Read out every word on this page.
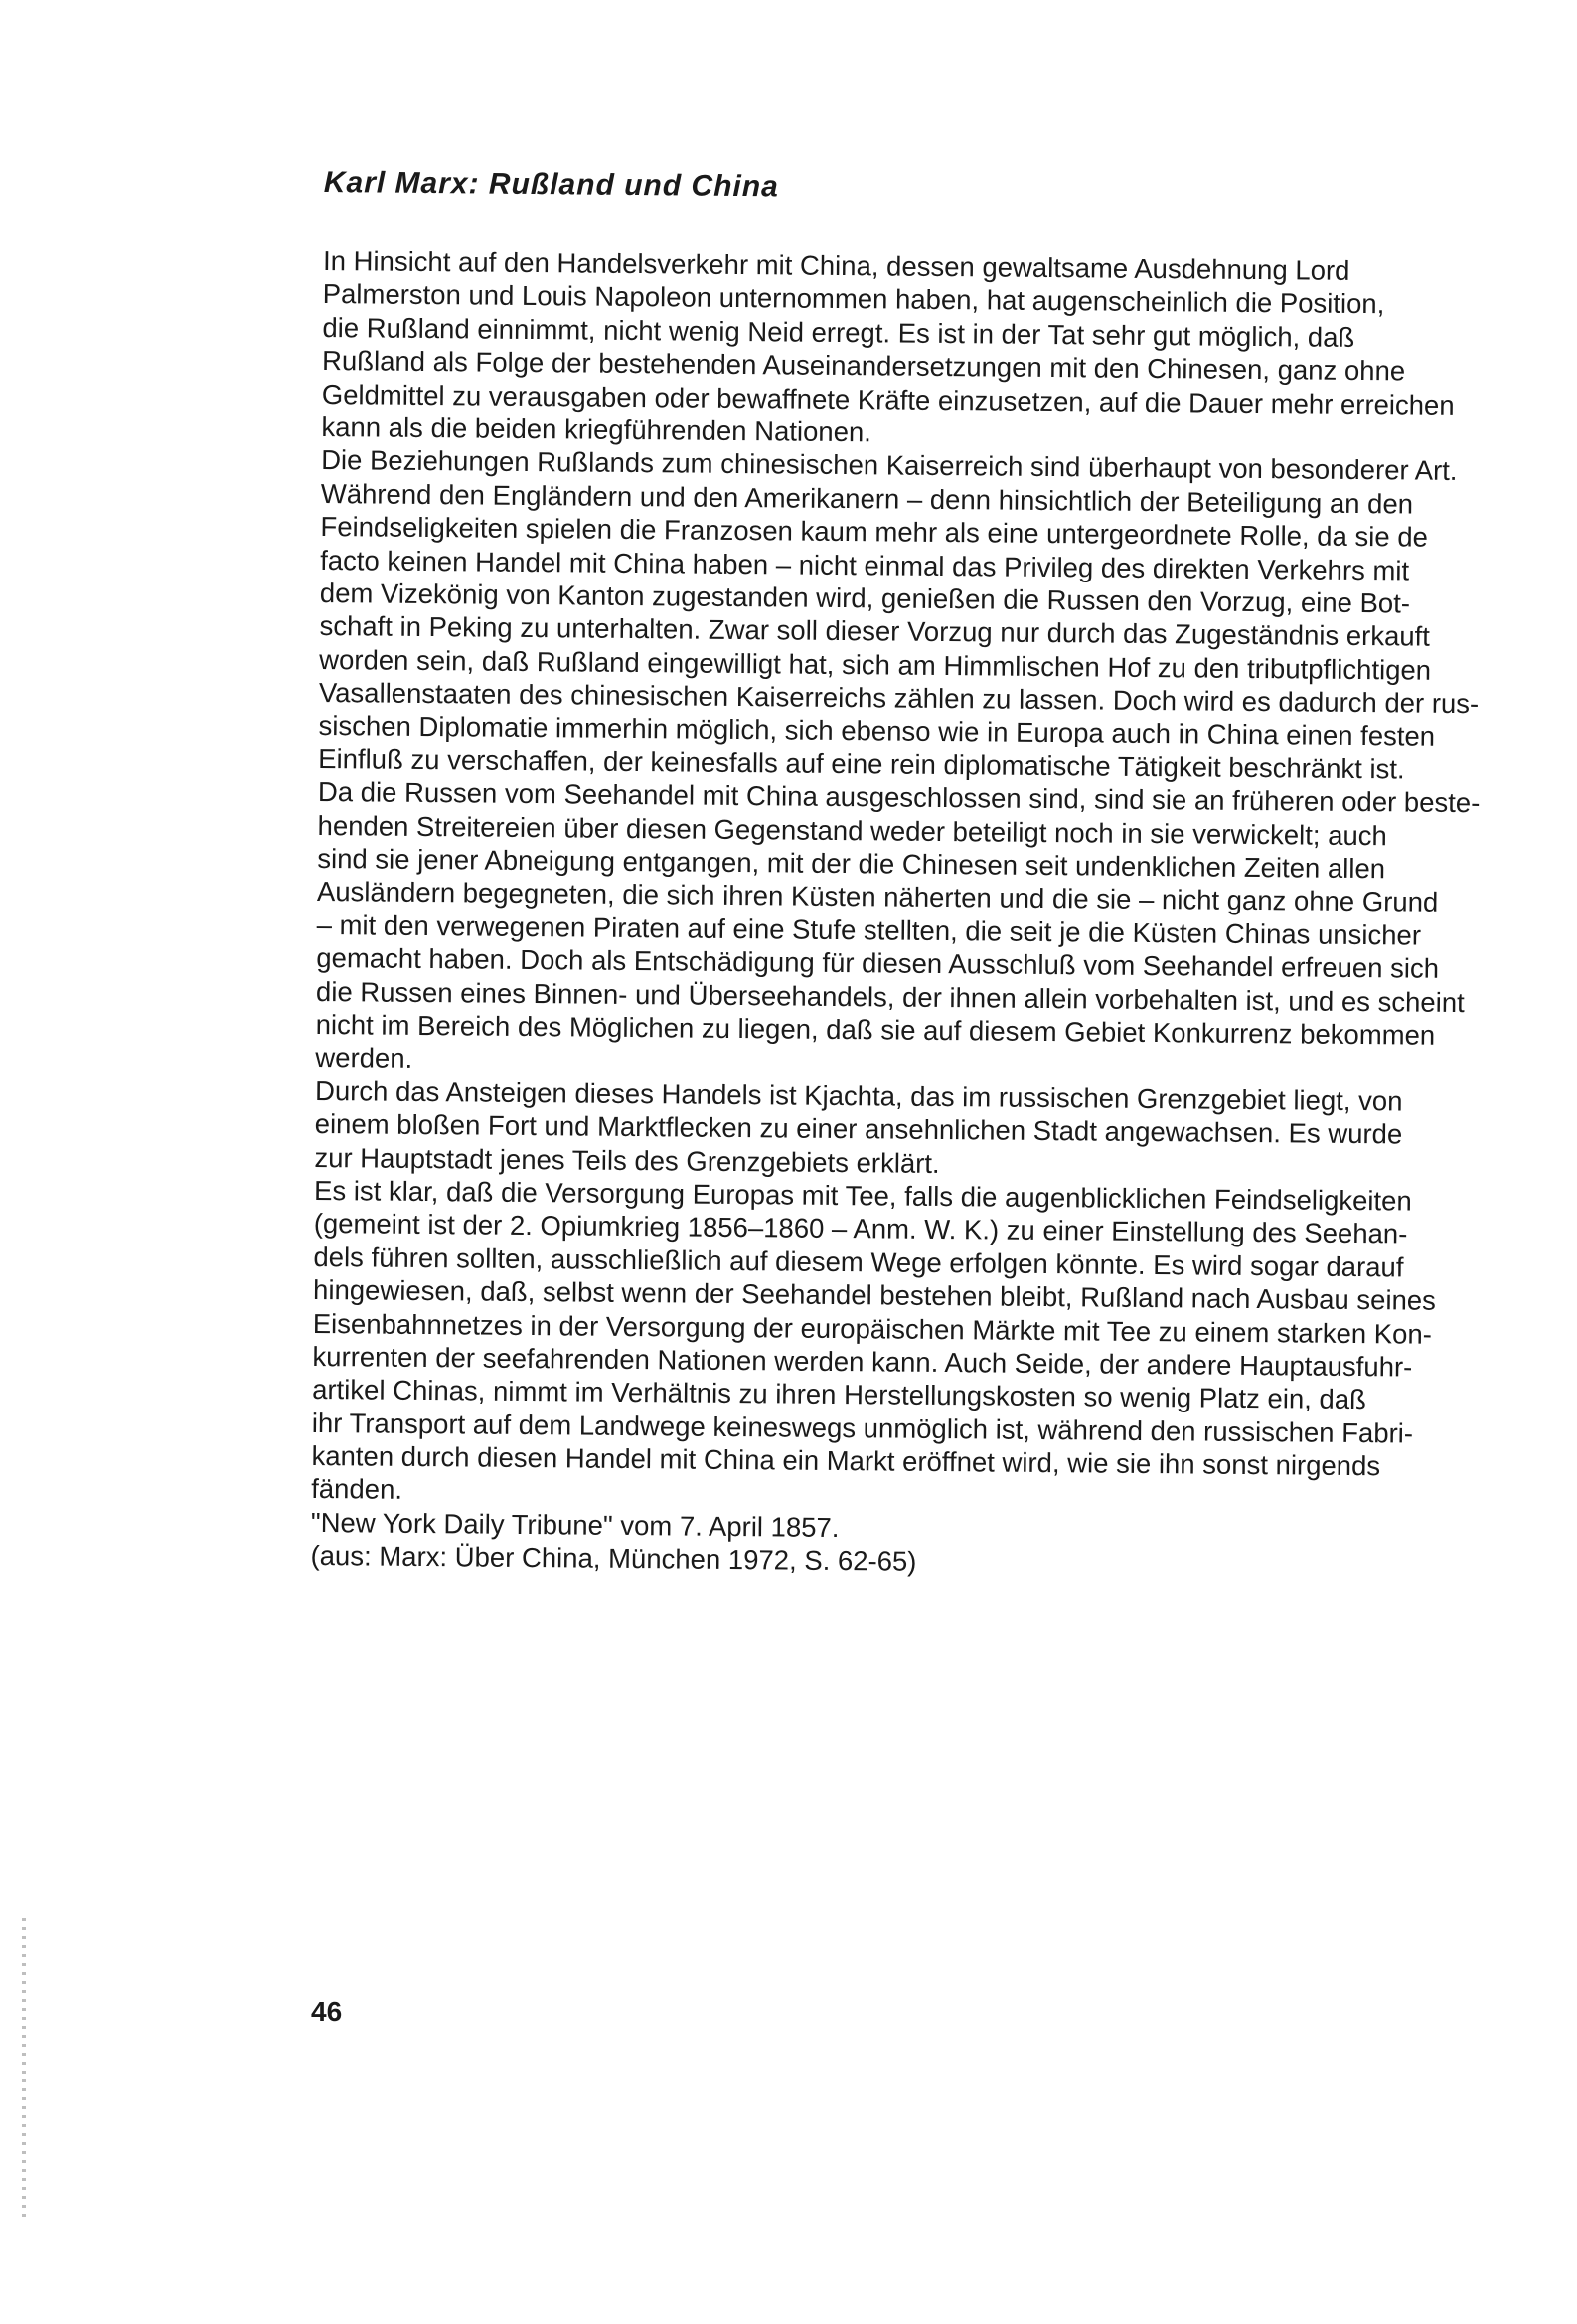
Karl Marx: Rußland und China
In Hinsicht auf den Handelsverkehr mit China, dessen gewaltsame Ausdehnung Lord
Palmerston und Louis Napoleon unternommen haben, hat augenscheinlich die Position,
die Rußland einnimmt, nicht wenig Neid erregt. Es ist in der Tat sehr gut möglich, daß
Rußland als Folge der bestehenden Auseinandersetzungen mit den Chinesen, ganz ohne
Geldmittel zu verausgaben oder bewaffnete Kräfte einzusetzen, auf die Dauer mehr erreichen
kann als die beiden kriegführenden Nationen.
Die Beziehungen Rußlands zum chinesischen Kaiserreich sind überhaupt von besonderer Art.
Während den Engländern und den Amerikanern – denn hinsichtlich der Beteiligung an den
Feindseligkeiten spielen die Franzosen kaum mehr als eine untergeordnete Rolle, da sie de
facto keinen Handel mit China haben – nicht einmal das Privileg des direkten Verkehrs mit
dem Vizekönig von Kanton zugestanden wird, genießen die Russen den Vorzug, eine Bot-
schaft in Peking zu unterhalten. Zwar soll dieser Vorzug nur durch das Zugeständnis erkauft
worden sein, daß Rußland eingewilligt hat, sich am Himmlischen Hof zu den tributpflichtigen
Vasallenstaaten des chinesischen Kaiserreichs zählen zu lassen. Doch wird es dadurch der rus-
sischen Diplomatie immerhin möglich, sich ebenso wie in Europa auch in China einen festen
Einfluß zu verschaffen, der keinesfalls auf eine rein diplomatische Tätigkeit beschränkt ist.
Da die Russen vom Seehandel mit China ausgeschlossen sind, sind sie an früheren oder beste-
henden Streitereien über diesen Gegenstand weder beteiligt noch in sie verwickelt; auch
sind sie jener Abneigung entgangen, mit der die Chinesen seit undenklichen Zeiten allen
Ausländern begegneten, die sich ihren Küsten näherten und die sie – nicht ganz ohne Grund
– mit den verwegenen Piraten auf eine Stufe stellten, die seit je die Küsten Chinas unsicher
gemacht haben. Doch als Entschädigung für diesen Ausschluß vom Seehandel erfreuen sich
die Russen eines Binnen- und Überseehandels, der ihnen allein vorbehalten ist, und es scheint
nicht im Bereich des Möglichen zu liegen, daß sie auf diesem Gebiet Konkurrenz bekommen
werden.
Durch das Ansteigen dieses Handels ist Kjachta, das im russischen Grenzgebiet liegt, von
einem bloßen Fort und Marktflecken zu einer ansehnlichen Stadt angewachsen. Es wurde
zur Hauptstadt jenes Teils des Grenzgebiets erklärt.
Es ist klar, daß die Versorgung Europas mit Tee, falls die augenblicklichen Feindseligkeiten
(gemeint ist der 2. Opiumkrieg 1856–1860 – Anm. W. K.) zu einer Einstellung des Seehan-
dels führen sollten, ausschließlich auf diesem Wege erfolgen könnte. Es wird sogar darauf
hingewiesen, daß, selbst wenn der Seehandel bestehen bleibt, Rußland nach Ausbau seines
Eisenbahnnetzes in der Versorgung der europäischen Märkte mit Tee zu einem starken Kon-
kurrenten der seefahrenden Nationen werden kann. Auch Seide, der andere Hauptausfuhr-
artikel Chinas, nimmt im Verhältnis zu ihren Herstellungskosten so wenig Platz ein, daß
ihr Transport auf dem Landwege keineswegs unmöglich ist, während den russischen Fabri-
kanten durch diesen Handel mit China ein Markt eröffnet wird, wie sie ihn sonst nirgends
fänden.
"New York Daily Tribune" vom 7. April 1857.
(aus: Marx: Über China, München 1972, S. 62-65)

46
